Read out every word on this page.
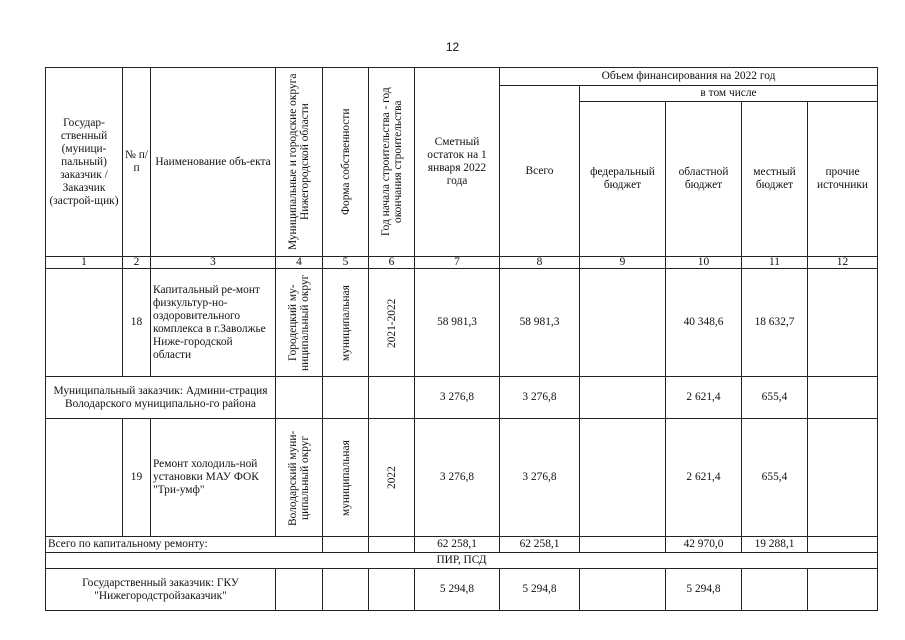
12
Государ-ственный (муници-пальный) заказчик / Заказчик (застрой-щик)	№ п/п	Наименование объ-екта	Муниципальные и городские округа Нижегородской области	Форма собственности	Год начала строительства - год окончания строительства	Сметный остаток на 1 января 2022 года	Объем финансирования на 2022 год				
							Всего	в том числе			
								федеральный бюджет	областной бюджет	местный бюджет	прочие источники
1	2	3	4	5	6	7	8	9	10	11	12
	18	Капитальный ре-монт физкультур-но-оздоровительного комплекса в г.Заволжье Ниже-городской области	Городецкий му-ниципальный округ	муниципальная	2021-2022	58 981,3	58 981,3		40 348,6	18 632,7	
Муниципальный заказчик: Админи-страция Володарского муниципально-го района						3 276,8	3 276,8		2 621,4	655,4	
	19	Ремонт холодиль-ной установки МАУ ФОК "Три-умф"	Володарский муни-ципальный округ	муниципальная	2022	3 276,8	3 276,8		2 621,4	655,4	
Всего по капитальному ремонту:						62 258,1	62 258,1		42 970,0	19 288,1	
ПИР, ПСД											
Государственный заказчик: ГКУ "Нижегородстройзаказчик"						5 294,8	5 294,8		5 294,8		
